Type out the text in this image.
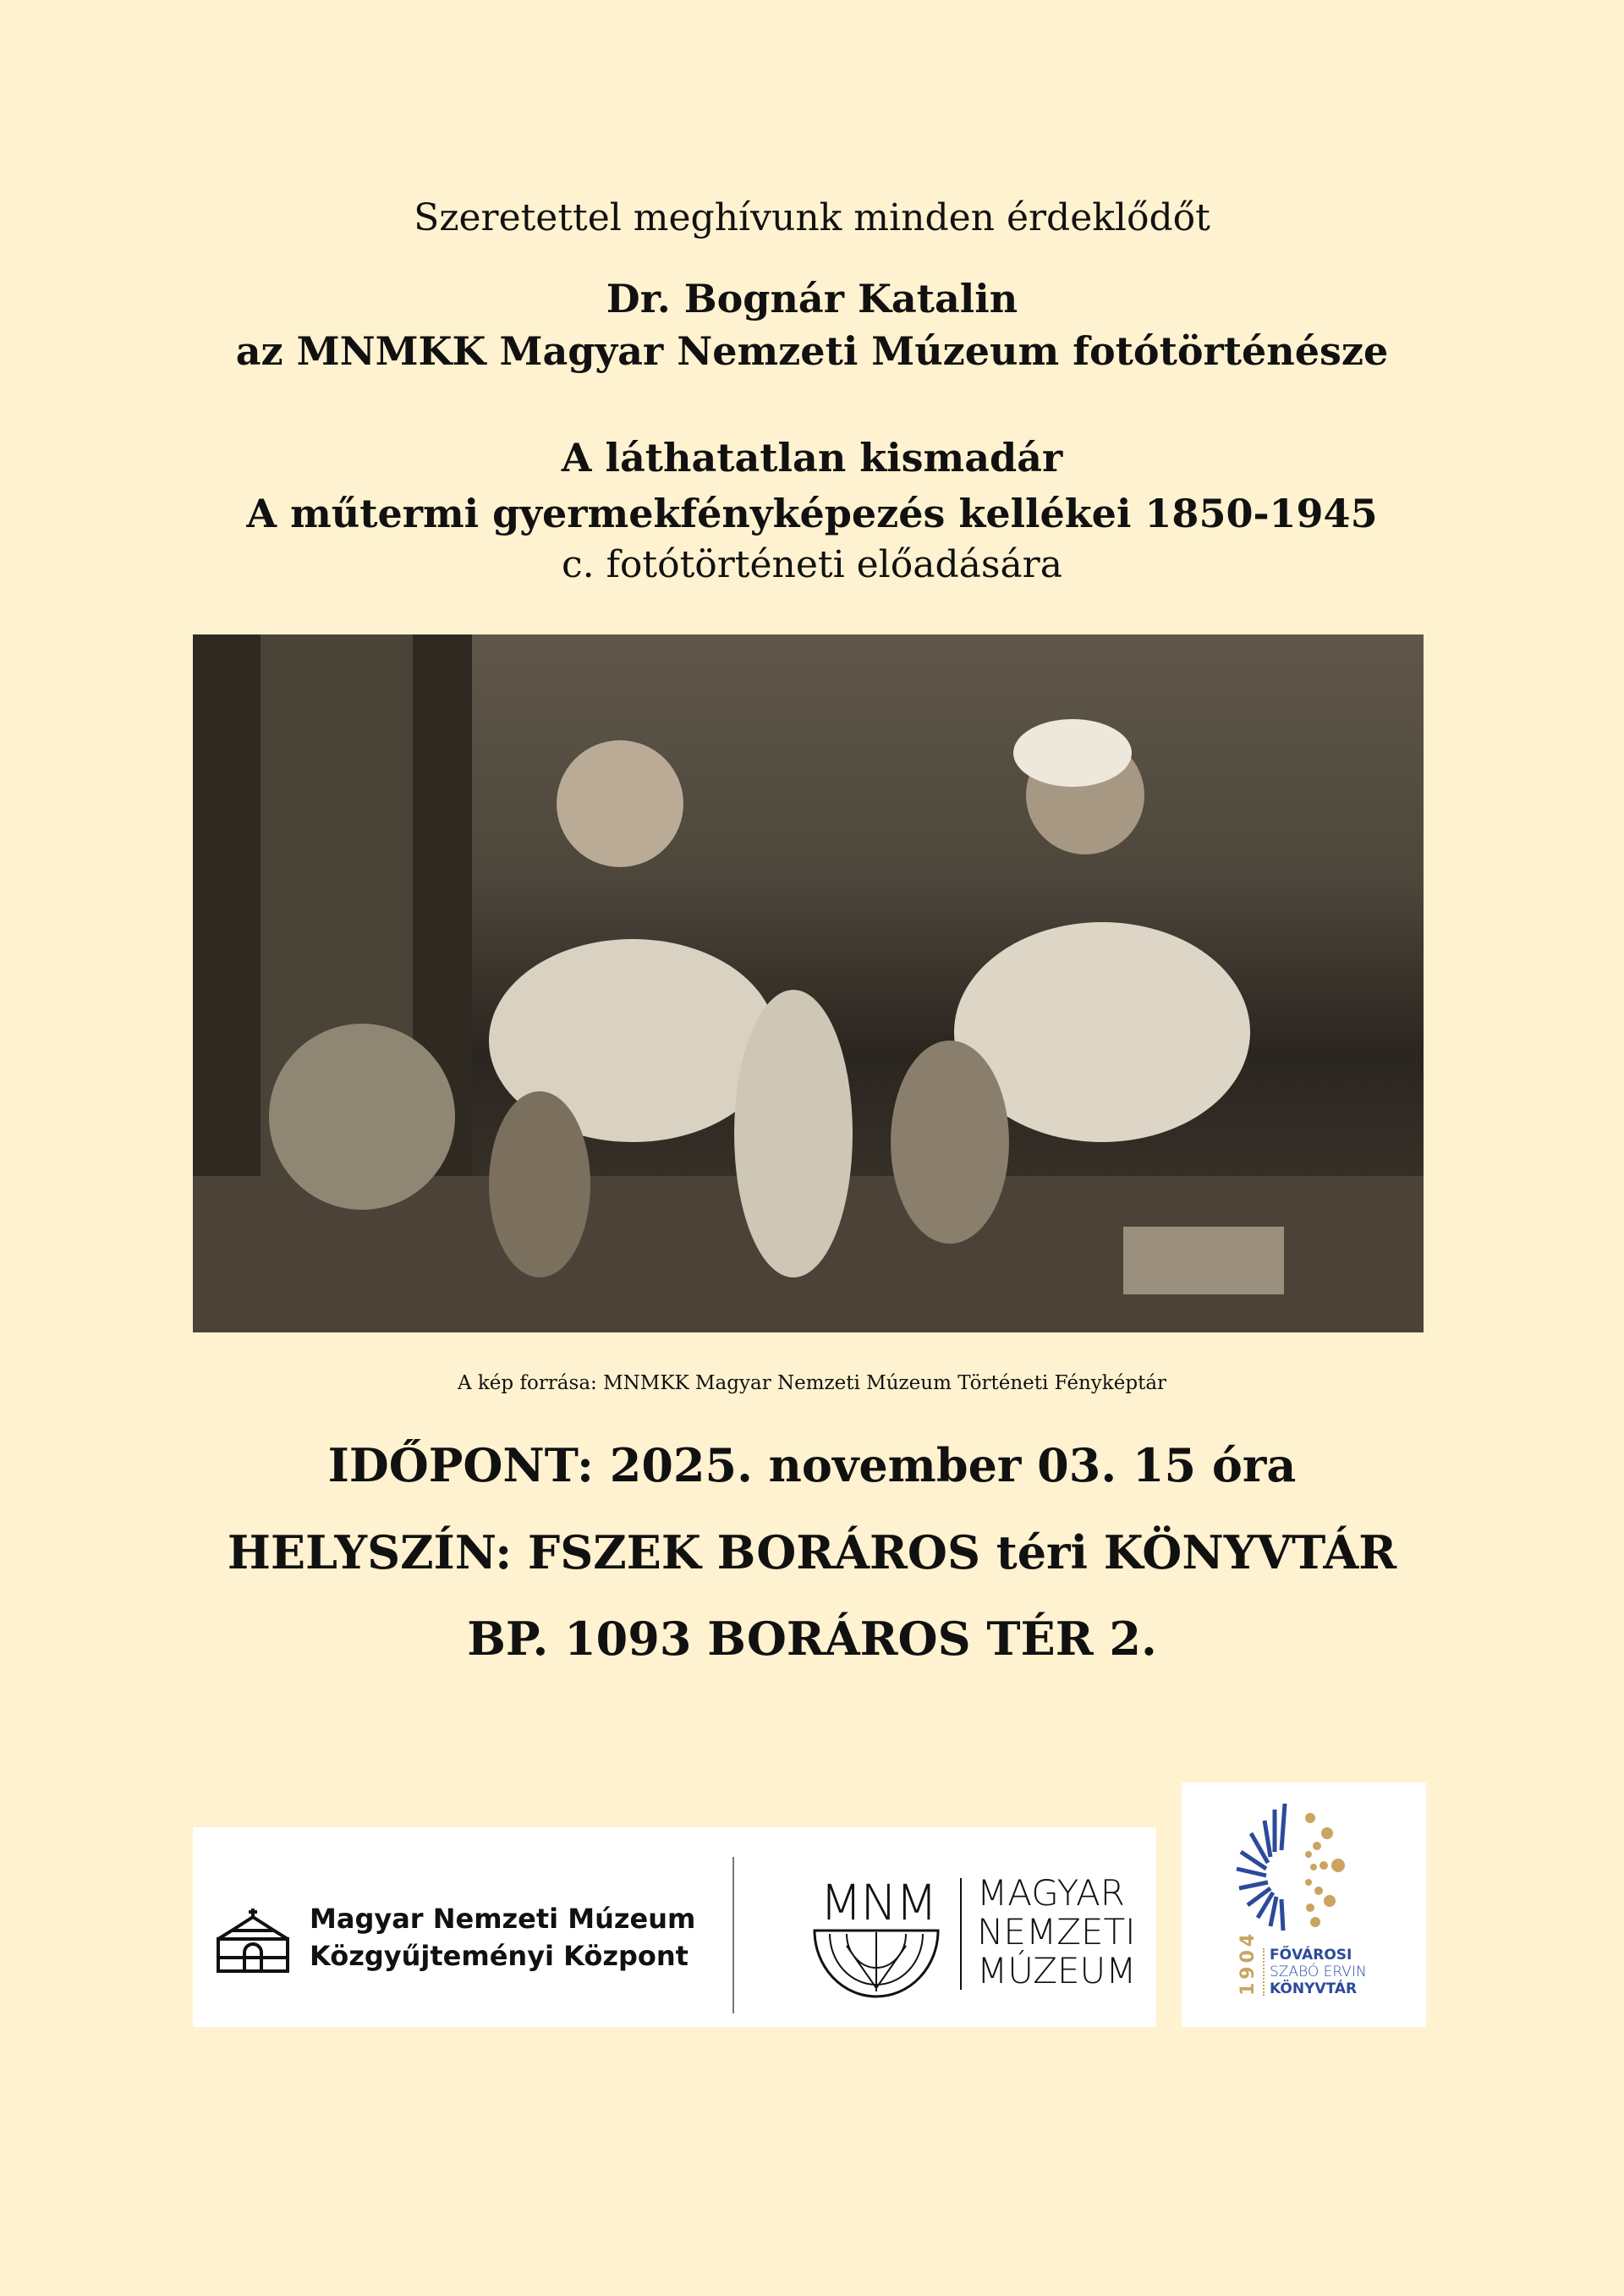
Szeretettel meghívunk minden érdeklődőt
Dr. Bognár Katalin
az MNMKK Magyar Nemzeti Múzeum fotótörténésze
A láthatatlan kismadár
A műtermi gyermekfényképezés kellékei 1850-1945
c. fotótörténeti előadására
A kép forrása: MNMKK Magyar Nemzeti Múzeum Történeti Fényképtár
IDŐPONT: 2025. november 03. 15 óra
HELYSZÍN: FSZEK BORÁROS téri KÖNYVTÁR
BP. 1093 BORÁROS TÉR 2.
Magyar Nemzeti Múzeum
Közgyűjteményi Központ
MNM MAGYAR
NEMZETI
MÚZEUM	1904 FŐVÁROSI
SZABÓ ERVIN
KÖNYVTÁR
